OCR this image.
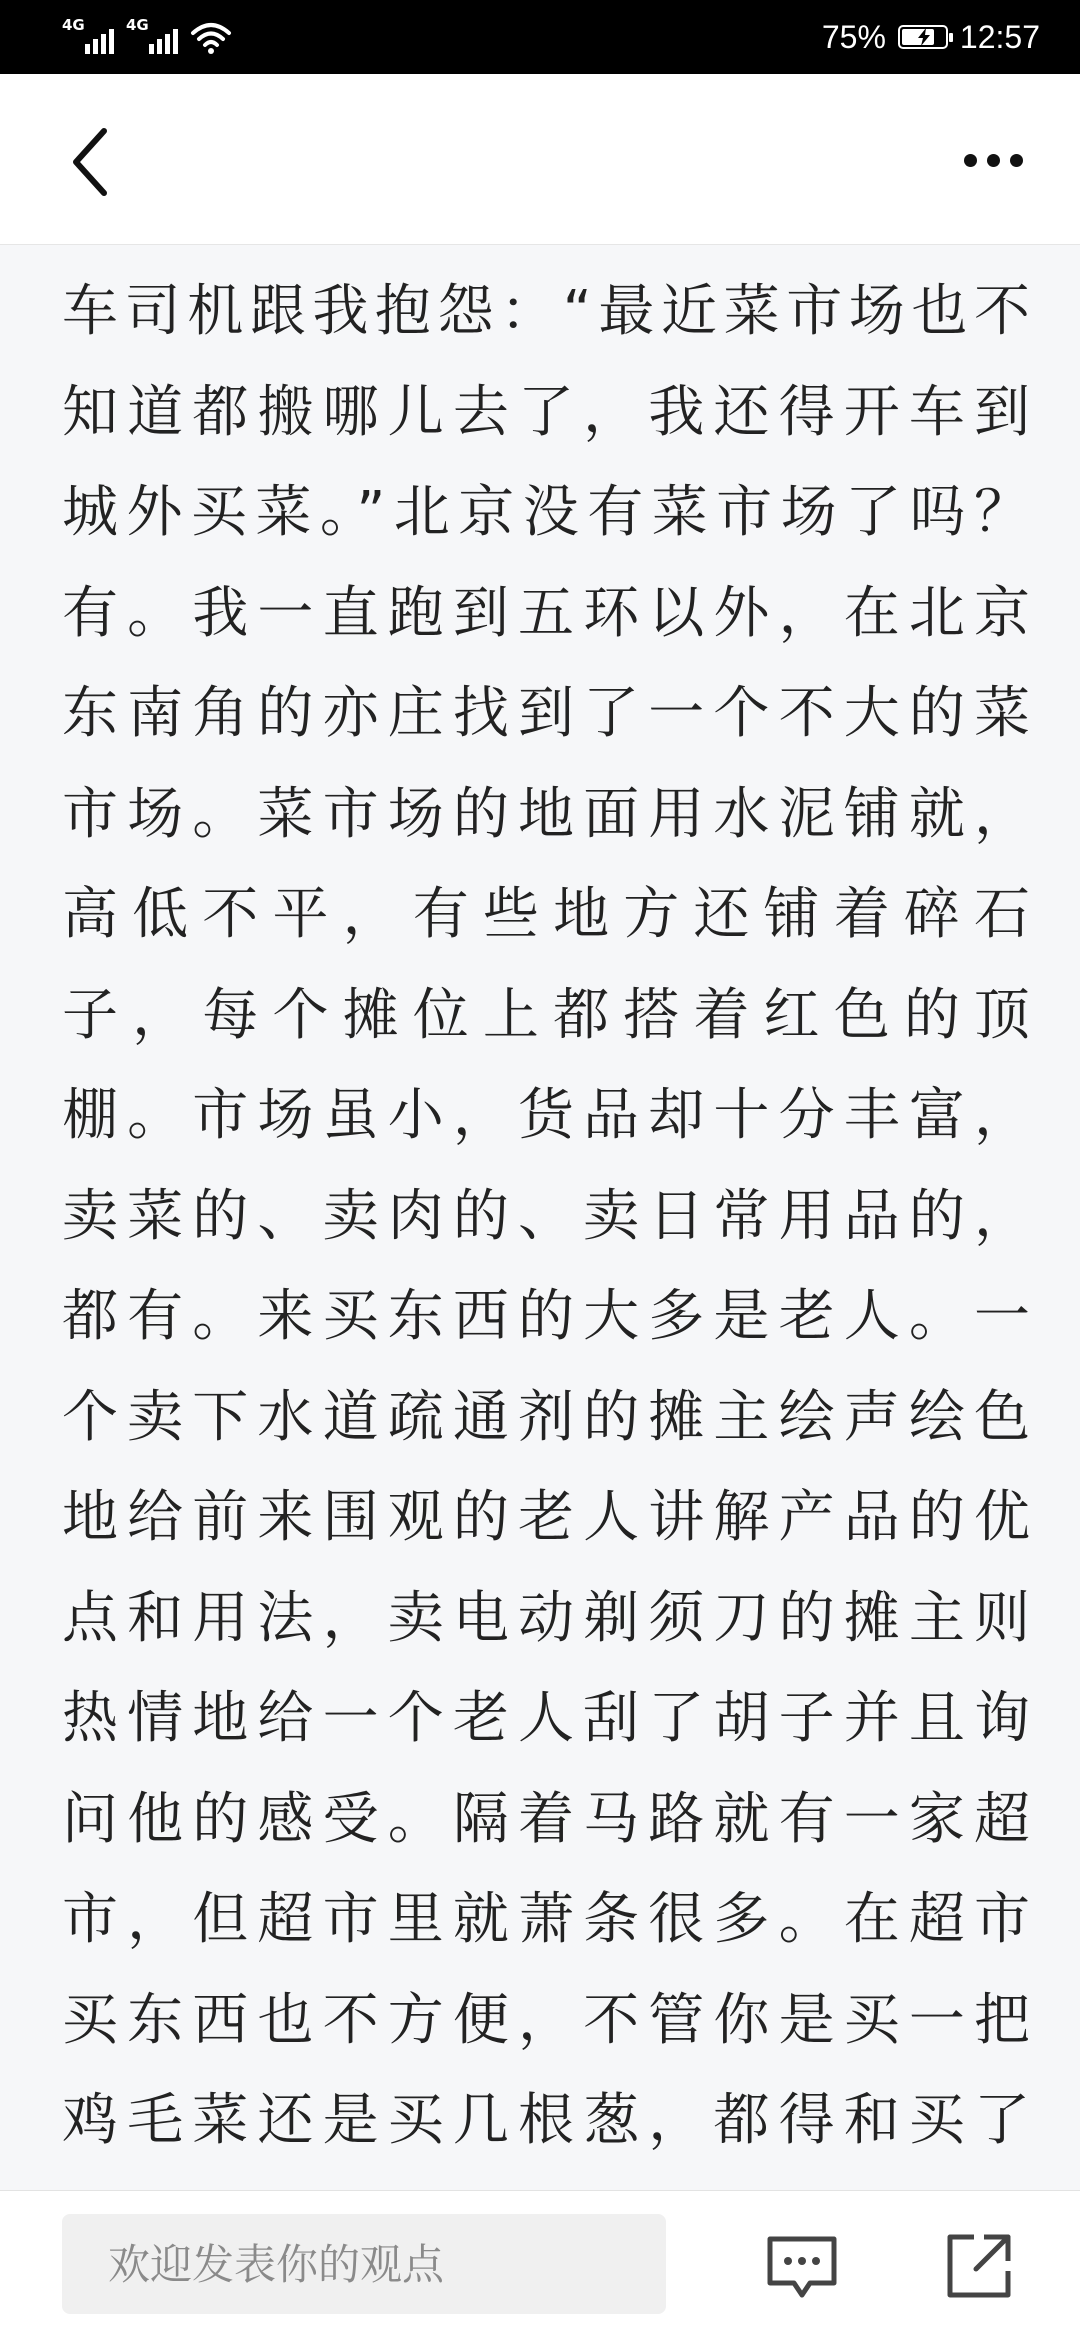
4G	4G	75% 12:57
车司机跟我抱怨：“最近菜市场也不
知道都搬哪儿去了，我还得开车到
城外买菜。”北京没有菜市场了吗？
有。我一直跑到五环以外，在北京
东南角的亦庄找到了一个不大的菜
市场。菜市场的地面用水泥铺就，
高低不平，有些地方还铺着碎石
子，每个摊位上都搭着红色的顶
棚。市场虽小，货品却十分丰富，
卖菜的、卖肉的、卖日常用品的，
都有。来买东西的大多是老人。一
个卖下水道疏通剂的摊主绘声绘色
地给前来围观的老人讲解产品的优
点和用法，卖电动剃须刀的摊主则
热情地给一个老人刮了胡子并且询
问他的感受。隔着马路就有一家超
市，但超市里就萧条很多。在超市
买东西也不方便，不管你是买一把
鸡毛菜还是买几根葱，都得和买了
欢迎发表你的观点
